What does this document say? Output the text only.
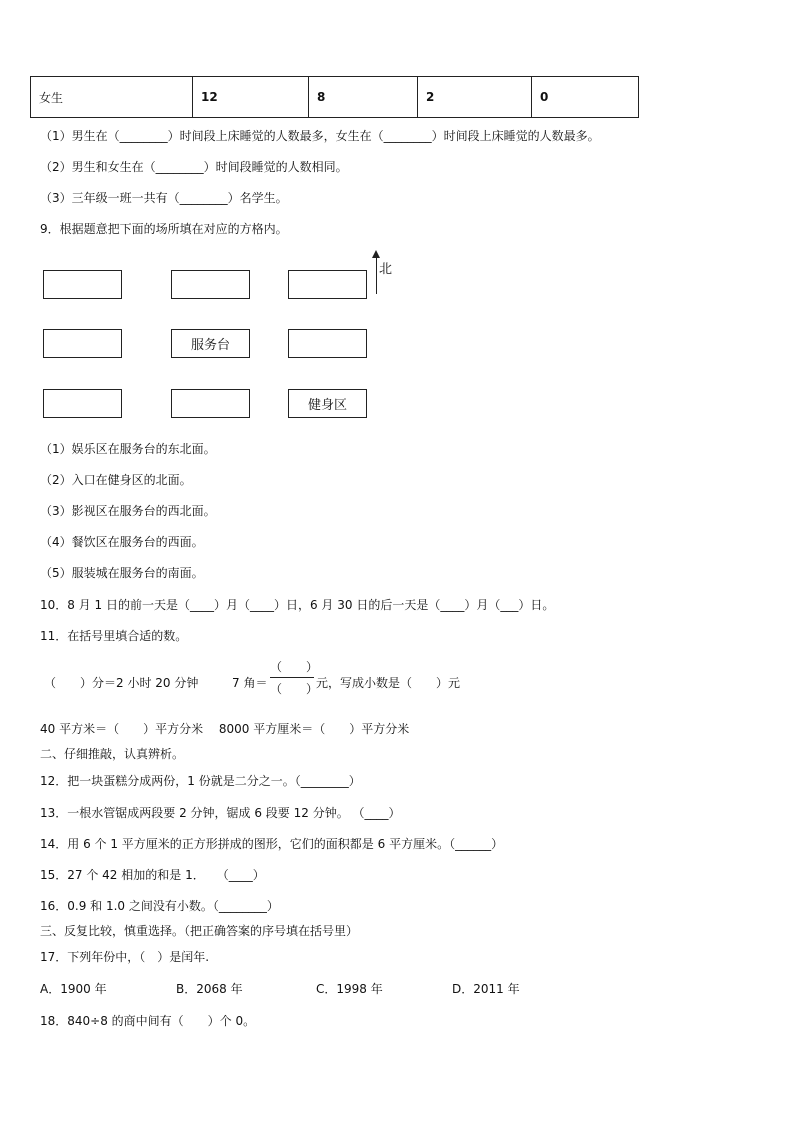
女生	12	8	2	0
（1）男生在（________）时间段上床睡觉的人数最多，女生在（________）时间段上床睡觉的人数最多。
（2）男生和女生在（________）时间段睡觉的人数相同。
（3）三年级一班一共有（________）名学生。
9．根据题意把下面的场所填在对应的方格内。
服务台
健身区
北
（1）娱乐区在服务台的东北面。
（2）入口在健身区的北面。
（3）影视区在服务台的西北面。
（4）餐饮区在服务台的西面。
（5）服装城在服务台的南面。
10．8 月 1 日的前一天是（____）月（____）日，6 月 30 日的后一天是（____）月（___）日。
11．在括号里填合适的数。
（　　）分＝2 小时 20 分钟	7 角＝
（　　）
（　　）
元，写成小数是（　　）元
40 平方米＝（　　）平方分米　 8000 平方厘米＝（　　）平方分米
二、仔细推敲，认真辨析。
12．把一块蛋糕分成两份，1 份就是二分之一。（________）
13．一根水管锯成两段要 2 分钟，锯成 6 段要 12 分钟。 （____）
14．用 6 个 1 平方厘米的正方形拼成的图形，它们的面积都是 6 平方厘米。（______）
15．27 个 42 相加的和是 1．　　（____）
16．0.9 和 1.0 之间没有小数。（________）
三、反复比较，慎重选择。（把正确答案的序号填在括号里）
17．下列年份中，（　）是闰年.
A．1900 年	B．2068 年	C．1998 年	D．2011 年
18．840÷8 的商中间有（　　）个 0。
